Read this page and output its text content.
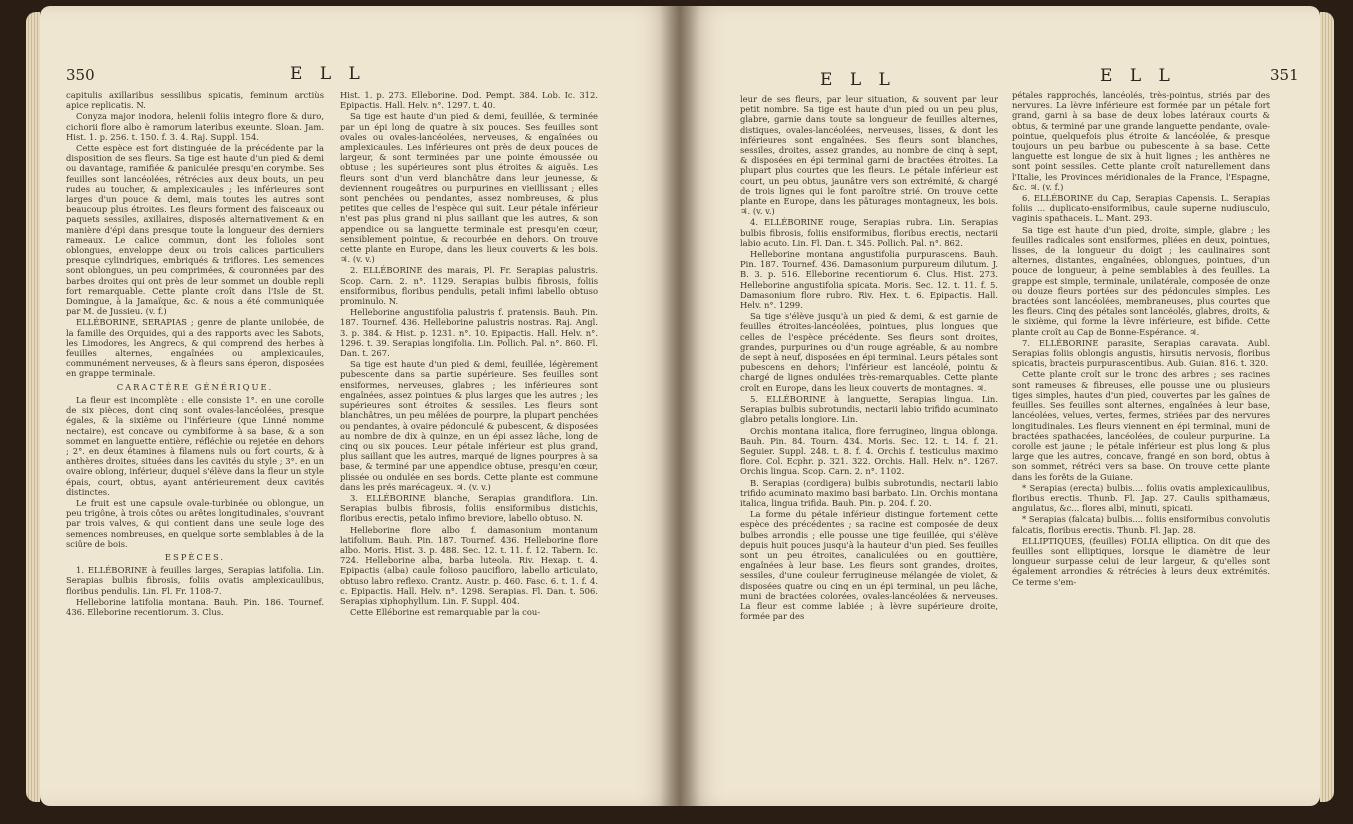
350	E L L

capitulis axillaribus sessilibus spicatis, feminum arctiùs apice replicatis. N.

Conyza major inodora, helenii foliis integro flore & duro, cichorii flore albo è ramorum lateribus exeunte. Sloan. Jam. Hist. 1. p. 256. t. 150. f. 3. 4. Raj. Suppl. 154.

Cette espèce est fort distinguée de la précédente par la disposition de ses fleurs. Sa tige est haute d'un pied & demi ou davantage, ramifiée & paniculée presqu'en corymbe. Ses feuilles sont lancéolées, rétrécies aux deux bouts, un peu rudes au toucher, & amplexicaules ; les inférieures sont larges d'un pouce & demi, mais toutes les autres sont beaucoup plus étroites. Les fleurs forment des faisceaux ou paquets sessiles, axillaires, disposés alternativement & en manière d'épi dans presque toute la longueur des derniers rameaux. Le calice commun, dont les folioles sont oblongues, enveloppe deux ou trois calices particuliers presque cylindriques, embriqués & triflores. Les semences sont oblongues, un peu comprimées, & couronnées par des barbes droites qui ont près de leur sommet un double repli fort remarquable. Cette plante croît dans l'Isle de St. Domingue, à la Jamaïque, &c. & nous a été communiquée par M. de Jussieu. (v. f.)

ELLÉBORINE, SERAPIAS ; genre de plante unilobée, de la famille des Orquides, qui a des rapports avec les Sabots, les Limodores, les Angrecs, & qui comprend des herbes à feuilles alternes, engaînées ou amplexicaules, communément nerveuses, & à fleurs sans éperon, disposées en grappe terminale.

CARACTÈRE GÉNÉRIQUE.

La fleur est incomplète : elle consiste 1°. en une corolle de six pièces, dont cinq sont ovales-lancéolées, presque égales, & la sixième ou l'inférieure (que Linné nomme nectaire), est concave ou cymbiforme à sa base, & a son sommet en languette entière, réfléchie ou rejetée en dehors ; 2°. en deux étamines à filamens nuls ou fort courts, & à anthères droites, situées dans les cavités du style ; 3°. en un ovaire oblong, inférieur, duquel s'élève dans la fleur un style épais, court, obtus, ayant antérieurement deux cavités distinctes.

Le fruit est une capsule ovale-turbinée ou oblongue, un peu trigône, à trois côtes ou arêtes longitudinales, s'ouvrant par trois valves, & qui contient dans une seule loge des semences nombreuses, en quelque sorte semblables à de la sciûre de bois.

ESPÈCES.

1. ELLÉBORINE à feuilles larges, Serapias latifolia. Lin. Serapias bulbis fibrosis, foliis ovatis amplexicaulibus, floribus pendulis. Lin. Fl. Fr. 1108-7.

Helleborine latifolia montana. Bauh. Pin. 186. Tournef. 436. Elleborine recentiorum. 3. Clus.

Hist. 1. p. 273. Elleborine. Dod. Pempt. 384. Lob. Ic. 312. Epipactis. Hall. Helv. n°. 1297. t. 40.

Sa tige est haute d'un pied & demi, feuillée, & terminée par un épi long de quatre à six pouces. Ses feuilles sont ovales ou ovales-lancéolées, nerveuses, & engaînées ou amplexicaules. Les inférieures ont près de deux pouces de largeur, & sont terminées par une pointe émoussée ou obtuse ; les supérieures sont plus étroites & aiguës. Les fleurs sont d'un verd blanchâtre dans leur jeunesse, & deviennent rougeâtres ou purpurines en vieillissant ; elles sont penchées ou pendantes, assez nombreuses, & plus petites que celles de l'espèce qui suit. Leur pétale inférieur n'est pas plus grand ni plus saillant que les autres, & son appendice ou sa languette terminale est presqu'en cœur, sensiblement pointue, & recourbée en dehors. On trouve cette plante en Europe, dans les lieux couverts & les bois. ♃. (v. v.)

2. ELLÉBORINE des marais, Pl. Fr. Serapias palustris. Scop. Carn. 2. n°. 1129. Serapias bulbis fibrosis, foliis ensiformibus, floribus pendulis, petali infimi labello obtuso prominulo. N.

Helleborine angustifolia palustris f. pratensis. Bauh. Pin. 187. Tournef. 436. Helleborine palustris nostras. Raj. Angl. 3. p. 384. & Hist. p. 1231. n°. 10. Epipactis. Hall. Helv. n°. 1296. t. 39. Serapias longifolia. Lin. Pollich. Pal. n°. 860. Fl. Dan. t. 267.

Sa tige est haute d'un pied & demi, feuillée, légèrement pubescente dans sa partie supérieure. Ses feuilles sont ensiformes, nerveuses, glabres ; les inférieures sont engaînées, assez pointues & plus larges que les autres ; les supérieures sont étroites & sessiles. Les fleurs sont blanchâtres, un peu mêlées de pourpre, la plupart penchées ou pendantes, à ovaire pédonculé & pubescent, & disposées au nombre de dix à quinze, en un épi assez lâche, long de cinq ou six pouces. Leur pétale inférieur est plus grand, plus saillant que les autres, marqué de lignes pourpres à sa base, & terminé par une appendice obtuse, presqu'en cœur, plissée ou ondulée en ses bords. Cette plante est commune dans les prés marécageux. ♃. (v. v.)

3. ELLÉBORINE blanche, Serapias grandiflora. Lin. Serapias bulbis fibrosis, foliis ensiformibus distichis, floribus erectis, petalo infimo breviore, labello obtuso. N.

Helleborine flore albo f. damasonium montanum latifolium. Bauh. Pin. 187. Tournef. 436. Helleborine flore albo. Moris. Hist. 3. p. 488. Sec. 12. t. 11. f. 12. Tabern. Ic. 724. Helleborine alba, barba luteola. Riv. Hexap. t. 4. Epipactis (alba) caule folioso paucifloro, labello articulato, obtuso labro reflexo. Crantz. Austr. p. 460. Fasc. 6. t. 1. f. 4. c. Epipactis. Hall. Helv. n°. 1298. Serapias. Fl. Dan. t. 506. Serapias xiphophyllum. Lin. F. Suppl. 404.

Cette Elléborine est remarquable par la cou-

E L L	E L L	351

leur de ses fleurs, par leur situation, & souvent par leur petit nombre. Sa tige est haute d'un pied ou un peu plus, glabre, garnie dans toute sa longueur de feuilles alternes, distiques, ovales-lancéolées, nerveuses, lisses, & dont les inférieures sont engaînées. Ses fleurs sont blanches, sessiles, droites, assez grandes, au nombre de cinq à sept, & disposées en épi terminal garni de bractées étroites. La plupart plus courtes que les fleurs. Le pétale inférieur est court, un peu obtus, jaunâtre vers son extrémité, & chargé de trois lignes qui le font paroître strié. On trouve cette plante en Europe, dans les pâturages montagneux, les bois. ♃. (v. v.)

4. ELLÉBORINE rouge, Serapias rubra. Lin. Serapias bulbis fibrosis, foliis ensiformibus, floribus erectis, nectarii labio acuto. Lin. Fl. Dan. t. 345. Pollich. Pal. n°. 862.

Helleborine montana angustifolia purpurascens. Bauh. Pin. 187. Tournef. 436. Damasonium purpureum dilutum. J. B. 3. p. 516. Elleborine recentiorum 6. Clus. Hist. 273. Helleborine angustifolia spicata. Moris. Sec. 12. t. 11. f. 5. Damasonium flore rubro. Riv. Hex. t. 6. Epipactis. Hall. Helv. n°. 1299.

Sa tige s'élève jusqu'à un pied & demi, & est garnie de feuilles étroites-lancéolées, pointues, plus longues que celles de l'espèce précédente. Ses fleurs sont droites, grandes, purpurines ou d'un rouge agréable, & au nombre de sept à neuf, disposées en épi terminal. Leurs pétales sont pubescens en dehors; l'inférieur est lancéolé, pointu & chargé de lignes ondulées très-remarquables. Cette plante croît en Europe, dans les lieux couverts de montagnes. ♃.

5. ELLÉBORINE à languette, Serapias lingua. Lin. Serapias bulbis subrotundis, nectarii labio trifido acuminato glabro petalis longiore. Lin.

Orchis montana italica, flore ferrugineo, lingua oblonga. Bauh. Pin. 84. Tourn. 434. Moris. Sec. 12. t. 14. f. 21. Seguier. Suppl. 248. t. 8. f. 4. Orchis f. testiculus maximo flore. Col. Ecphr. p. 321. 322. Orchis. Hall. Helv. n°. 1267. Orchis lingua. Scop. Carn. 2. n°. 1102.

B. Serapias (cordigera) bulbis subrotundis, nectarii labio trifido acuminato maximo basi barbato. Lin. Orchis montana italica, lingua trifida. Bauh. Pin. p. 204. f. 20.

La forme du pétale inférieur distingue fortement cette espèce des précédentes ; sa racine est composée de deux bulbes arrondis ; elle pousse une tige feuillée, qui s'élève depuis huit pouces jusqu'à la hauteur d'un pied. Ses feuilles sont un peu étroites, canaliculées ou en gouttière, engaînées à leur base. Les fleurs sont grandes, droites, sessiles, d'une couleur ferrugineuse mélangée de violet, & disposées quatre ou cinq en un épi terminal, un peu lâche, muni de bractées colorées, ovales-lancéolées & nerveuses. La fleur est comme labiée ; à lèvre supérieure droite, formée par des

pétales rapprochés, lancéolés, très-pointus, striés par des nervures. La lèvre inférieure est formée par un pétale fort grand, garni à sa base de deux lobes latéraux courts & obtus, & terminé par une grande languette pendante, ovale-pointue, quelquefois plus étroite & lancéolée, & presque toujours un peu barbue ou pubescente à sa base. Cette languette est longue de six à huit lignes ; les anthères ne sont point sessiles. Cette plante croît naturellement dans l'Italie, les Provinces méridionales de la France, l'Espagne, &c. ♃. (v. f.)

6. ELLÉBORINE du Cap, Serapias Capensis. L. Serapias foliis ... duplicato-ensiformibus, caule superne nudiusculo, vaginis spathaceis. L. Mant. 293.

Sa tige est haute d'un pied, droite, simple, glabre ; les feuilles radicales sont ensiformes, pliées en deux, pointues, lisses, de la longueur du doigt ; les caulinaires sont alternes, distantes, engaînées, oblongues, pointues, d'un pouce de longueur, à peine semblables à des feuilles. La grappe est simple, terminale, unilatérale, composée de onze ou douze fleurs portées sur des pédoncules simples. Les bractées sont lancéolées, membraneuses, plus courtes que les fleurs. Cinq des pétales sont lancéolés, glabres, droits, & le sixième, qui forme la lèvre inférieure, est bifide. Cette plante croît au Cap de Bonne-Espérance. ♃.

7. ELLÉBORINE parasite, Serapias caravata. Aubl. Serapias foliis oblongis angustis, hirsutis nervosis, floribus spicatis, bracteis purpurascentibus. Aub. Guian. 816. t. 320.

Cette plante croît sur le tronc des arbres ; ses racines sont rameuses & fibreuses, elle pousse une ou plusieurs tiges simples, hautes d'un pied, couvertes par les gaînes de feuilles. Ses feuilles sont alternes, engaînées à leur base, lancéolées, velues, vertes, fermes, striées par des nervures longitudinales. Les fleurs viennent en épi terminal, muni de bractées spathacées, lancéolées, de couleur purpurine. La corolle est jaune ; le pétale inférieur est plus long & plus large que les autres, concave, frangé en son bord, obtus à son sommet, rétréci vers sa base. On trouve cette plante dans les forêts de la Guiane.

* Serapias (erecta) bulbis.... foliis ovatis amplexicaulibus, floribus erectis. Thunb. Fl. Jap. 27. Caulis spithamæus, angulatus, &c... flores albi, minuti, spicati.

* Serapias (falcata) bulbis.... foliis ensiformibus convolutis falcatis, floribus erectis. Thunb. Fl. Jap. 28.

ELLIPTIQUES, (feuilles) FOLIA elliptica. On dit que des feuilles sont elliptiques, lorsque le diamètre de leur longueur surpasse celui de leur largeur, & qu'elles sont également arrondies & rétrécies à leurs deux extrémités. Ce terme s'em-
